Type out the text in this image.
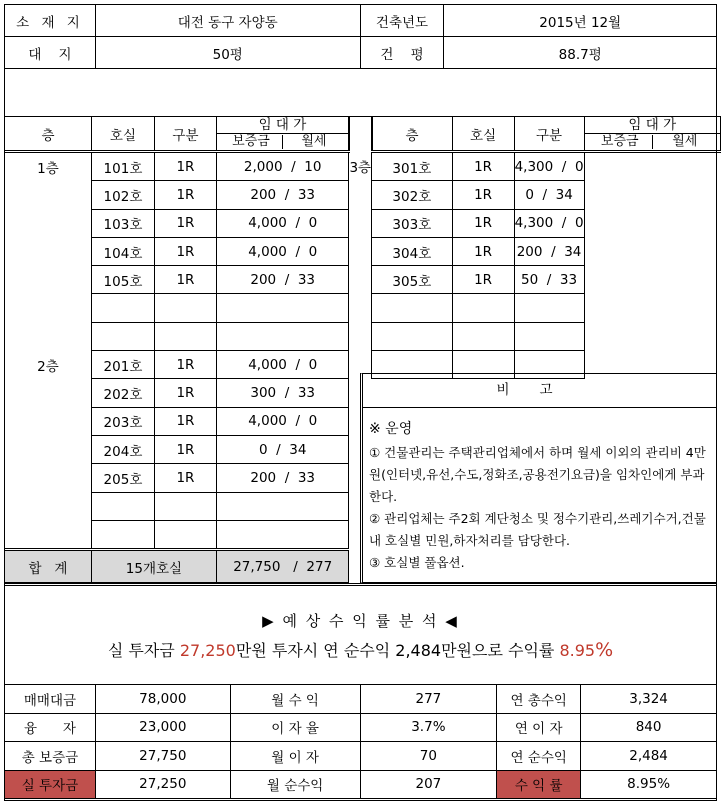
소 재 지	대전 동구 자양동	건축년도	2015년 12월
대    지	50평	건    평	88.7평
층	호실	구분	임 대 가		층	호실	구분	임 대 가
			보증금 월세					보증금 월세
1층	101호	1R	2,000  /  10	3층	301호	1R	4,300  /  0	
	102호	1R	200  /  33		302호	1R	0  /  34	
	103호	1R	4,000  /  0		303호	1R	4,300  /  0	
	104호	1R	4,000  /  0		304호	1R	200  /  34	
	105호	1R	200  /  33		305호	1R	50  /  33	

2층	201호	1R	4,000  /  0					
	202호	1R	300  /  33					
	203호	1R	4,000  /  0					
	204호	1R	0  /  34					
	205호	1R	200  /  33					

합   계	15개호실		27,750   /  277					
비고
※ 운영
① 건물관리는 주택관리업체에서 하며 월세 이외의 관리비 4만원(인터넷,유선,수도,정화조,공용전기요금)을 임차인에게 부과한다.
② 관리업체는 주2회 계단청소 및 정수기관리,쓰레기수거,건물내 호실별 민원,하자처리를 담당한다.
③ 호실별 풀옵션.
▶ 예 상 수 익 률 분 석 ◀
실 투자금 27,250만원 투자시 연 순수익 2,484만원으로 수익률 8.95%
매매대금	78,000	월 수 익	277	연 총수익	3,324
융      자	23,000	이 자 율	3.7%	연 이 자	840
총 보증금	27,750	월 이 자	70	연 순수익	2,484
실 투자금	27,250	월 순수익	207	수 익 률	8.95%
